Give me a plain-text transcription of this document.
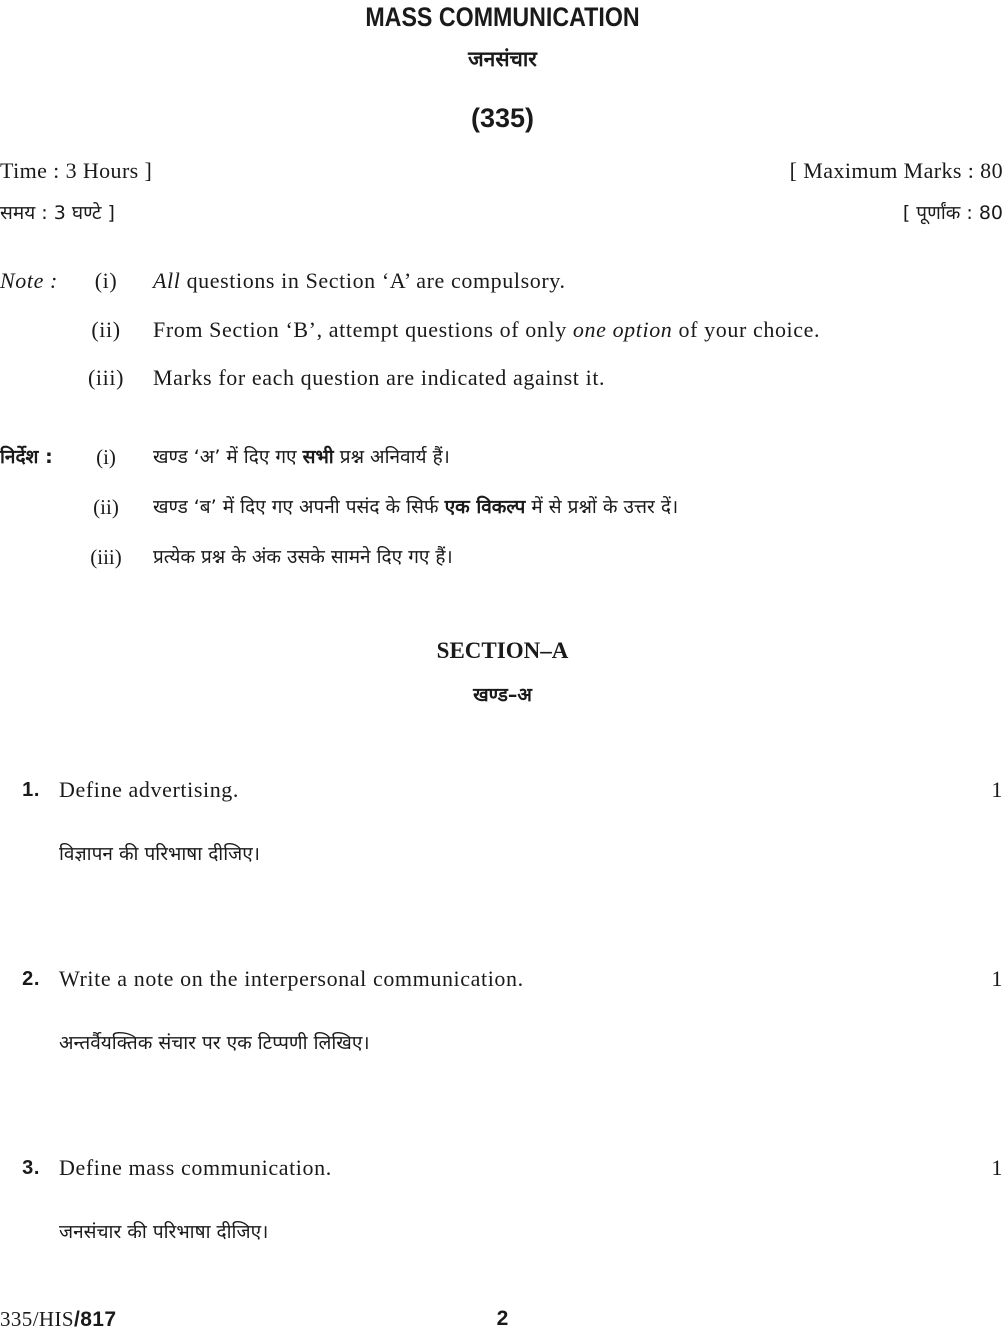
MASS COMMUNICATION
जनसंचार
(335)
Time : 3 Hours ]	[ Maximum Marks : 80
समय : 3 घण्टे ]	[ पूर्णांक : 80
Note :	(i)	All questions in Section ‘A’ are compulsory.
(ii)	From Section ‘B’, attempt questions of only one option of your choice.
(iii)	Marks for each question are indicated against it.
निर्देश :	(i)	खण्ड ‘अ’ में दिए गए सभी प्रश्न अनिवार्य हैं।
(ii)	खण्ड ‘ब’ में दिए गए अपनी पसंद के सिर्फ एक विकल्प में से प्रश्नों के उत्तर दें।
(iii)	प्रत्येक प्रश्न के अंक उसके सामने दिए गए हैं।
SECTION–A
खण्ड–अ
1. Define advertising.	1
विज्ञापन की परिभाषा दीजिए।
2. Write a note on the interpersonal communication.	1
अन्तर्वैयक्तिक संचार पर एक टिप्पणी लिखिए।
3. Define mass communication.	1
जनसंचार की परिभाषा दीजिए।
335/HIS/817	2
